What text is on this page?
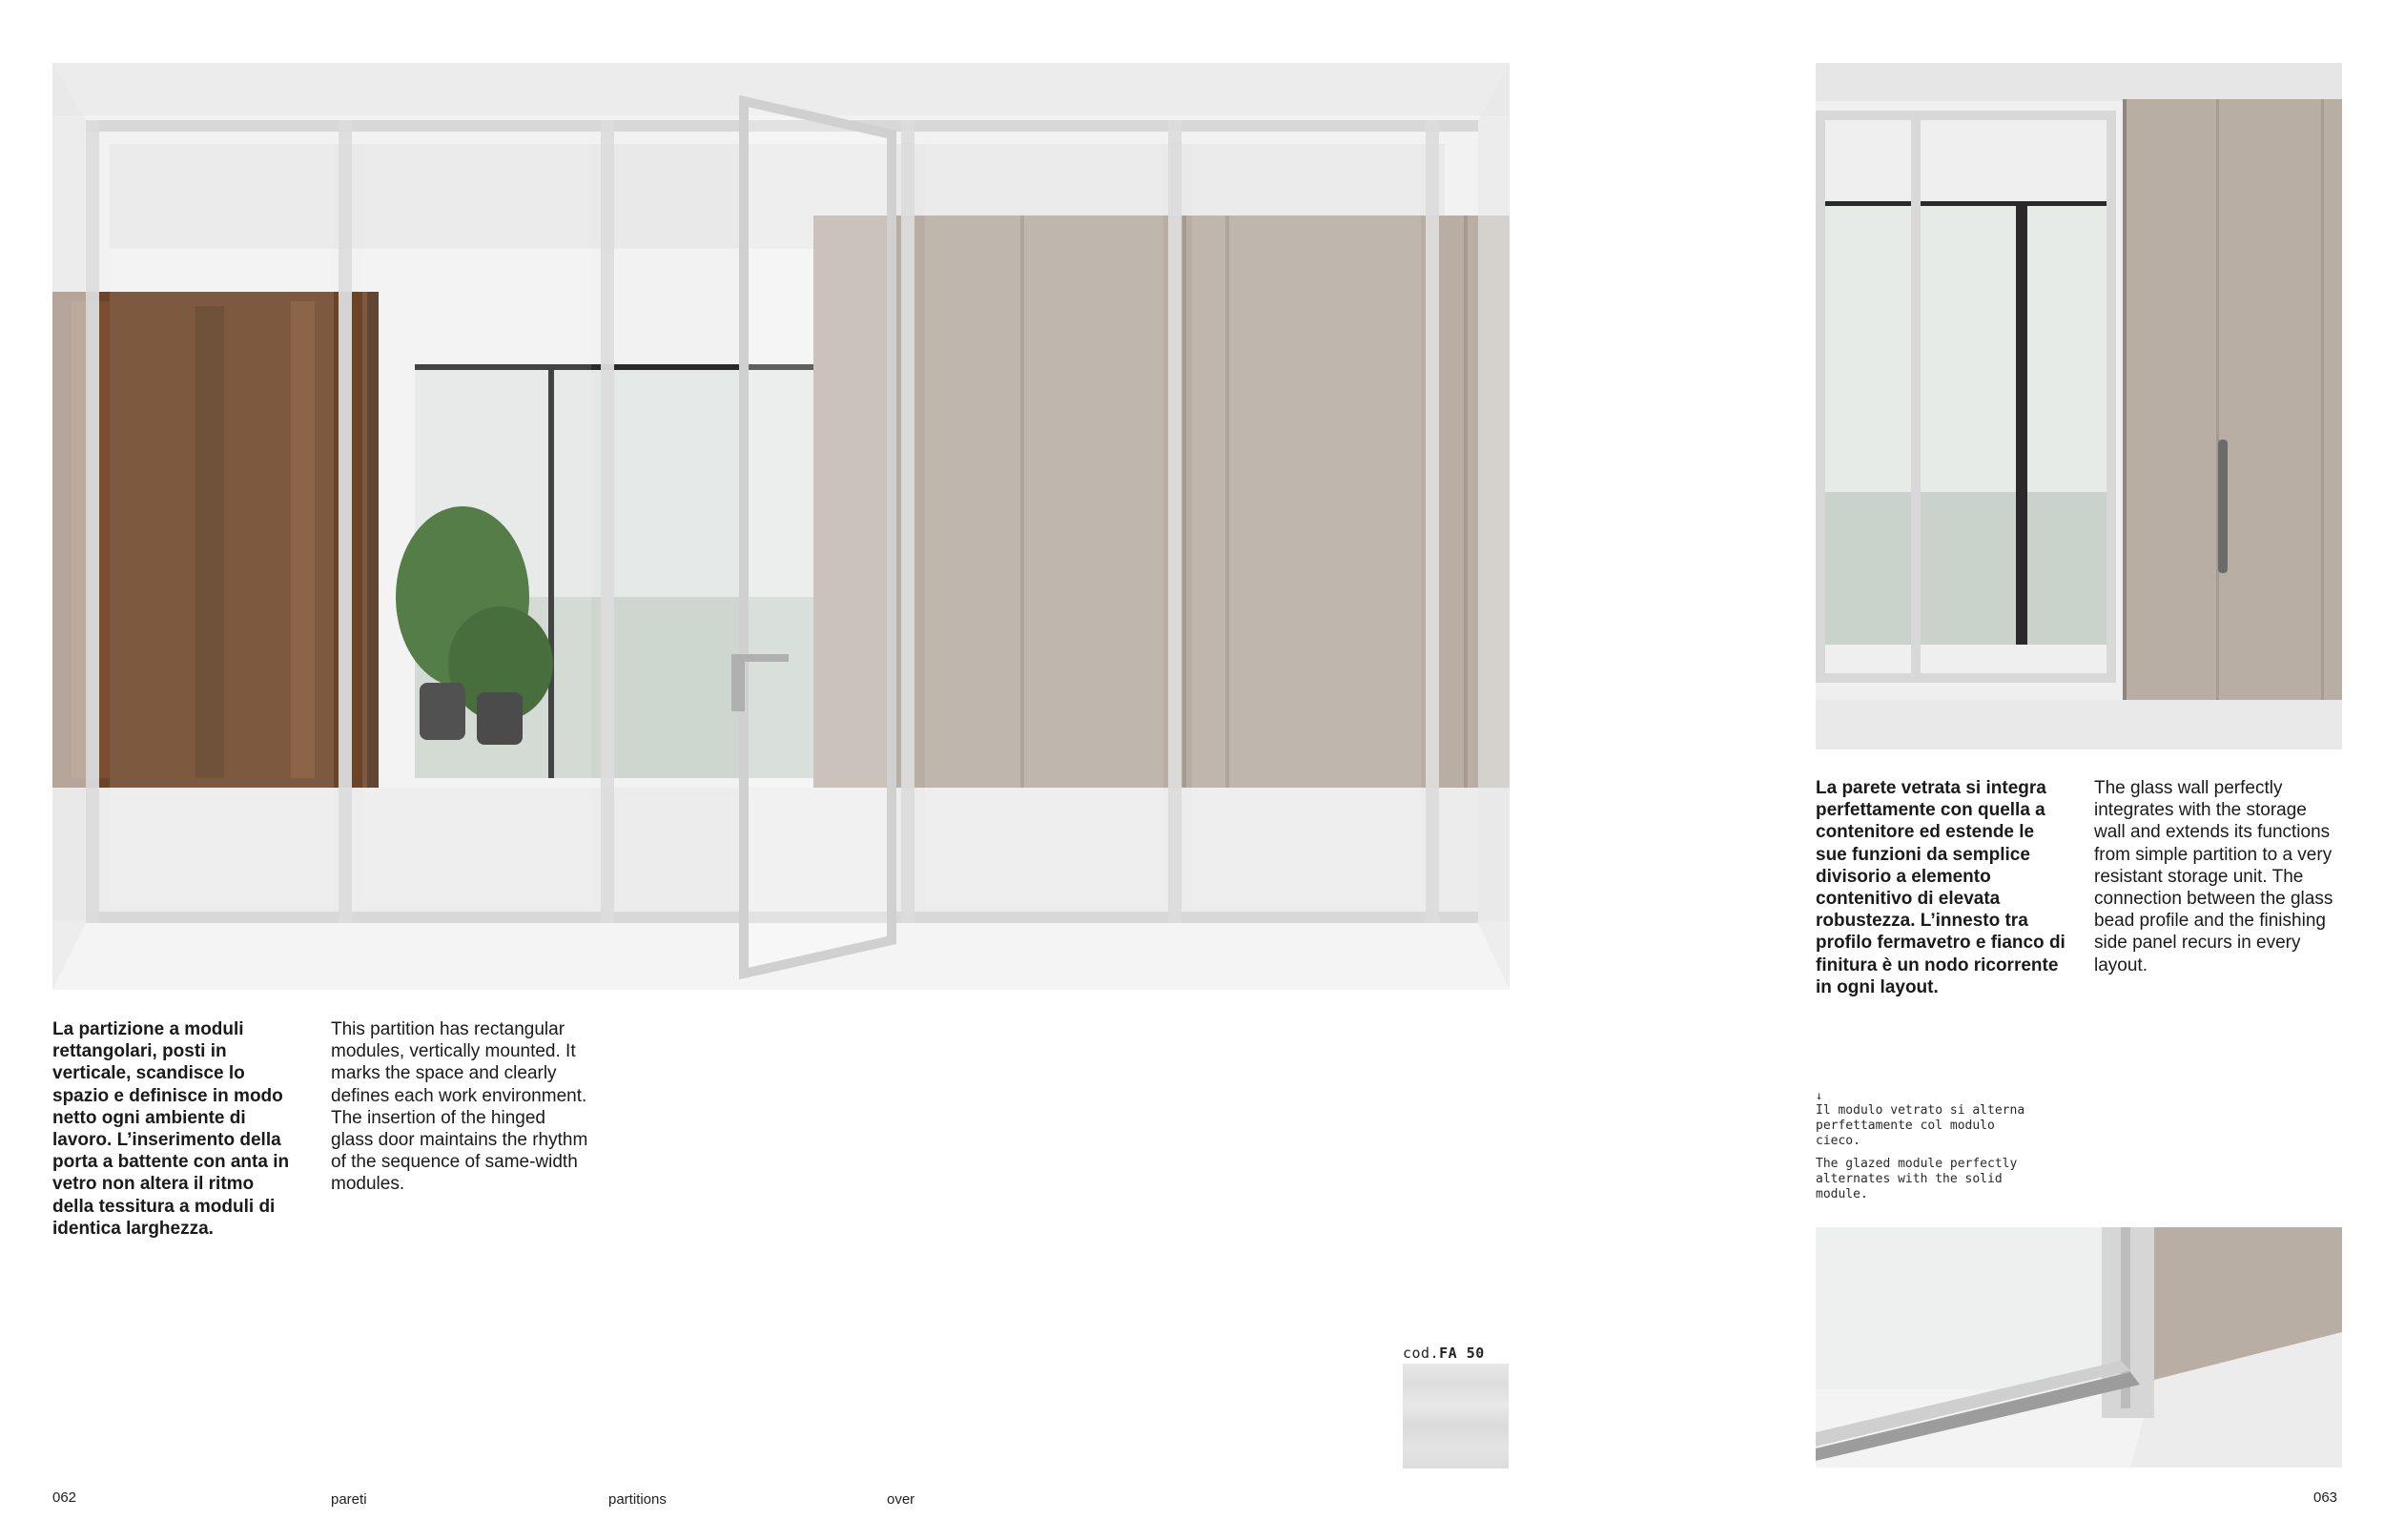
La partizione a moduli rettangolari, posti in verticale, scandisce lo spazio e definisce in modo netto ogni ambiente di lavoro. L’inserimento della porta a battente con anta in vetro non altera il ritmo della tessitura a moduli di identica larghezza.
This partition has rectangular modules, vertically mounted. It marks the space and clearly defines each work environment. The insertion of the hinged glass door maintains the rhythm of the sequence of same-width modules.
cod.FA 50
La parete vetrata si integra perfettamente con quella a contenitore ed estende le sue funzioni da semplice divisorio a elemento contenitivo di elevata robustezza. L’innesto tra profilo fermavetro e fianco di finitura è un nodo ricorrente in ogni layout.
The glass wall perfectly integrates with the storage wall and extends its functions from simple partition to a very resistant storage unit. The connection between the glass bead profile and the finishing side panel recurs in every layout.
↓

Il modulo vetrato si alterna perfettamente col modulo cieco.

The glazed module perfectly alternates with the solid module.

062	pareti	partitions	over	063
